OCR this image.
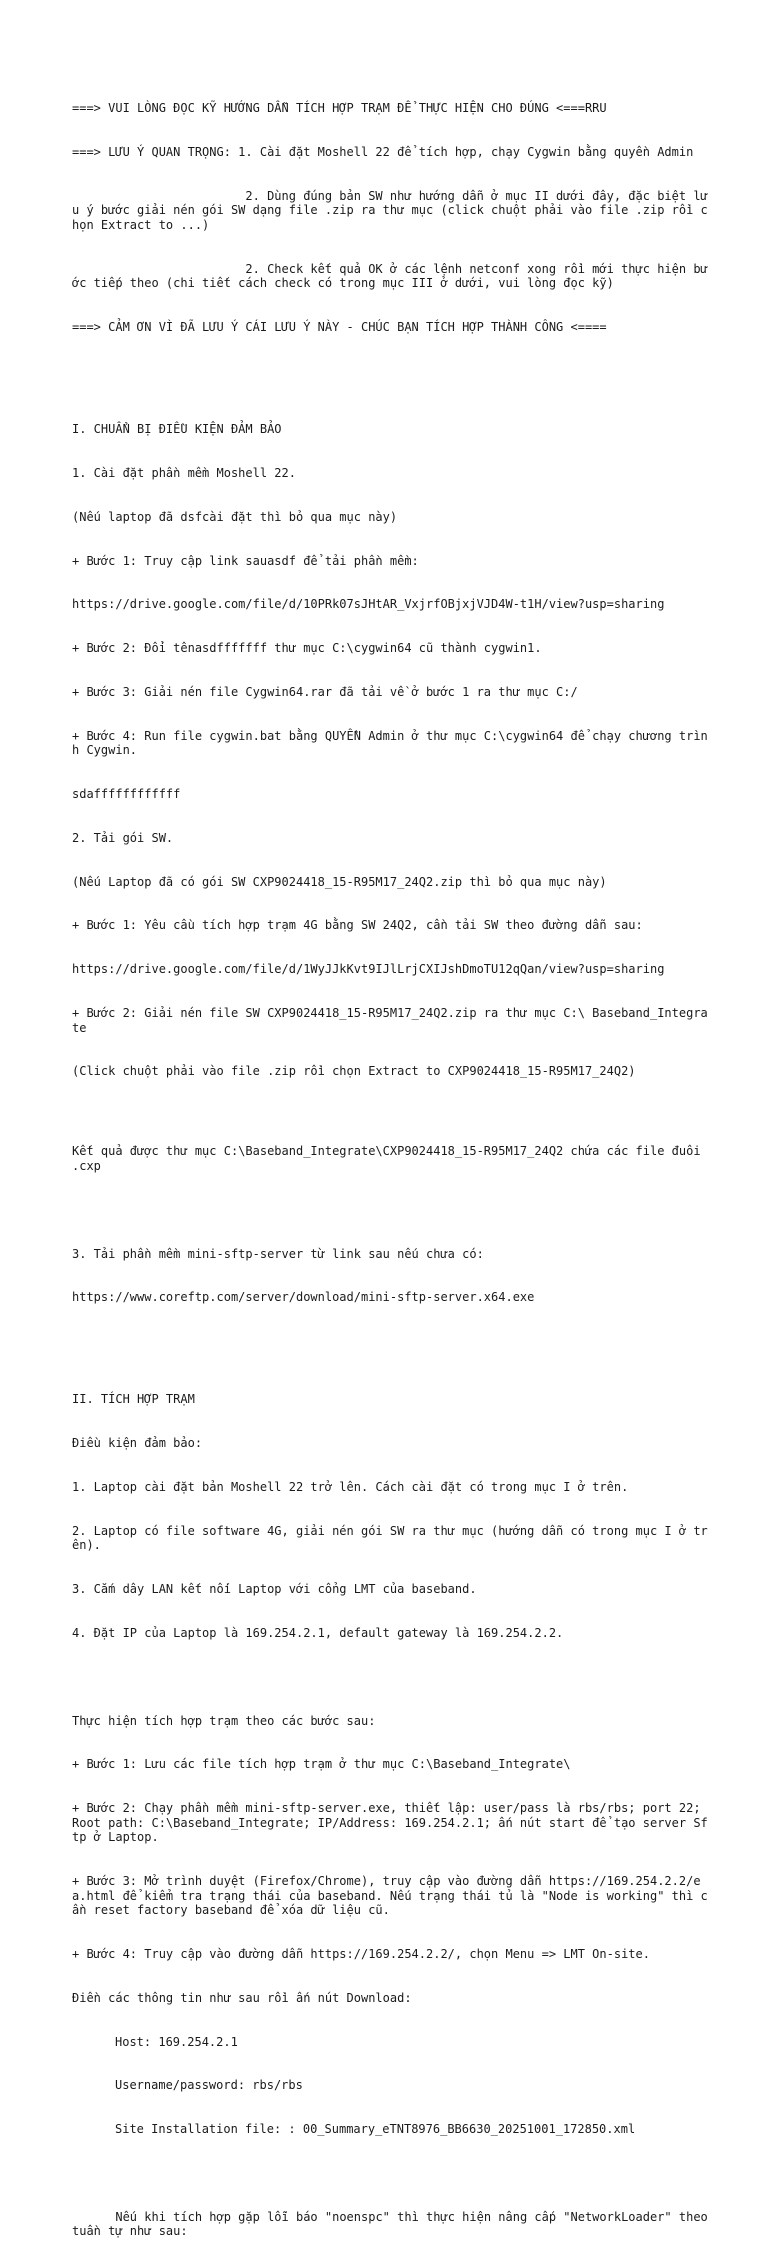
===> VUI LÒNG ĐỌC KỸ HƯỚNG DẪN TÍCH HỢP TRẠM ĐỂ THỰC HIỆN CHO ĐÚNG <===RRU

===> LƯU Ý QUAN TRỌNG: 1. Cài đặt Moshell 22 để tích hợp, chạy Cygwin bằng quyền Admin

2. Dùng đúng bản SW như hướng dẫn ở mục II dưới đây, đặc biệt lưu ý bước giải nén gói SW dạng file .zip ra thư mục (click chuột phải vào file .zip rồi chọn Extract to ...)

2. Check kết quả OK ở các lệnh netconf xong rồi mới thực hiện bước tiếp theo (chi tiết cách check có trong mục III ở dưới, vui lòng đọc kỹ)

===> CẢM ƠN VÌ ĐÃ LƯU Ý CÁI LƯU Ý NÀY - CHÚC BẠN TÍCH HỢP THÀNH CÔNG <====

I. CHUẨN BỊ ĐIỀU KIỆN ĐẢM BẢO

1. Cài đặt phần mềm Moshell 22.

(Nếu laptop đã dsfcài đặt thì bỏ qua mục này)

+ Bước 1: Truy cập link sauasdf để tải phần mềm:

https://drive.google.com/file/d/10PRk07sJHtAR_VxjrfOBjxjVJD4W-t1H/view?usp=sharing

+ Bước 2: Đổi tênasdfffffff thư mục C:\cygwin64 cũ thành cygwin1.

+ Bước 3: Giải nén file Cygwin64.rar đã tải về ở bước 1 ra thư mục C:/

+ Bước 4: Run file cygwin.bat bằng QUYỀN Admin ở thư mục C:\cygwin64 để chạy chương trình Cygwin.

sdaffffffffffff

2. Tải gói SW.

(Nếu Laptop đã có gói SW CXP9024418_15-R95M17_24Q2.zip thì bỏ qua mục này)

+ Bước 1: Yêu cầu tích hợp trạm 4G bằng SW 24Q2, cần tải SW theo đường dẫn sau:

https://drive.google.com/file/d/1WyJJkKvt9IJlLrjCXIJshDmoTU12qQan/view?usp=sharing

+ Bước 2: Giải nén file SW CXP9024418_15-R95M17_24Q2.zip ra thư mục C:\ Baseband_Integrate

(Click chuột phải vào file .zip rồi chọn Extract to CXP9024418_15-R95M17_24Q2)

Kết quả được thư mục C:\Baseband_Integrate\CXP9024418_15-R95M17_24Q2 chứa các file đuôi .cxp

3. Tải phần mềm mini-sftp-server từ link sau nếu chưa có:

https://www.coreftp.com/server/download/mini-sftp-server.x64.exe

II. TÍCH HỢP TRẠM

Điều kiện đảm bảo:

1. Laptop cài đặt bản Moshell 22 trở lên. Cách cài đặt có trong mục I ở trên.

2. Laptop có file software 4G, giải nén gói SW ra thư mục (hướng dẫn có trong mục I ở trên).

3. Cắm dây LAN kết nối Laptop với cổng LMT của baseband.

4. Đặt IP của Laptop là 169.254.2.1, default gateway là 169.254.2.2.

Thực hiện tích hợp trạm theo các bước sau:

+ Bước 1: Lưu các file tích hợp trạm ở thư mục C:\Baseband_Integrate\

+ Bước 2: Chạy phần mềm mini-sftp-server.exe, thiết lập: user/pass là rbs/rbs; port 22; Root path: C:\Baseband_Integrate; IP/Address: 169.254.2.1; ấn nút start để tạo server Sftp ở Laptop.

+ Bước 3: Mở trình duyệt (Firefox/Chrome), truy cập vào đường dẫn https://169.254.2.2/ea.html để kiểm tra trạng thái của baseband. Nếu trạng thái tủ là "Node is working" thì cần reset factory baseband để xóa dữ liệu cũ.

+ Bước 4: Truy cập vào đường dẫn https://169.254.2.2/, chọn Menu => LMT On-site.

Điền các thông tin như sau rồi ấn nút Download:

Host: 169.254.2.1

Username/password: rbs/rbs

Site Installation file: : 00_Summary_eTNT8976_BB6630_20251001_172850.xml

Nếu khi tích hợp gặp lỗi báo "noenspc" thì thực hiện nâng cấp "NetworkLoader" theo tuần tự như sau:
